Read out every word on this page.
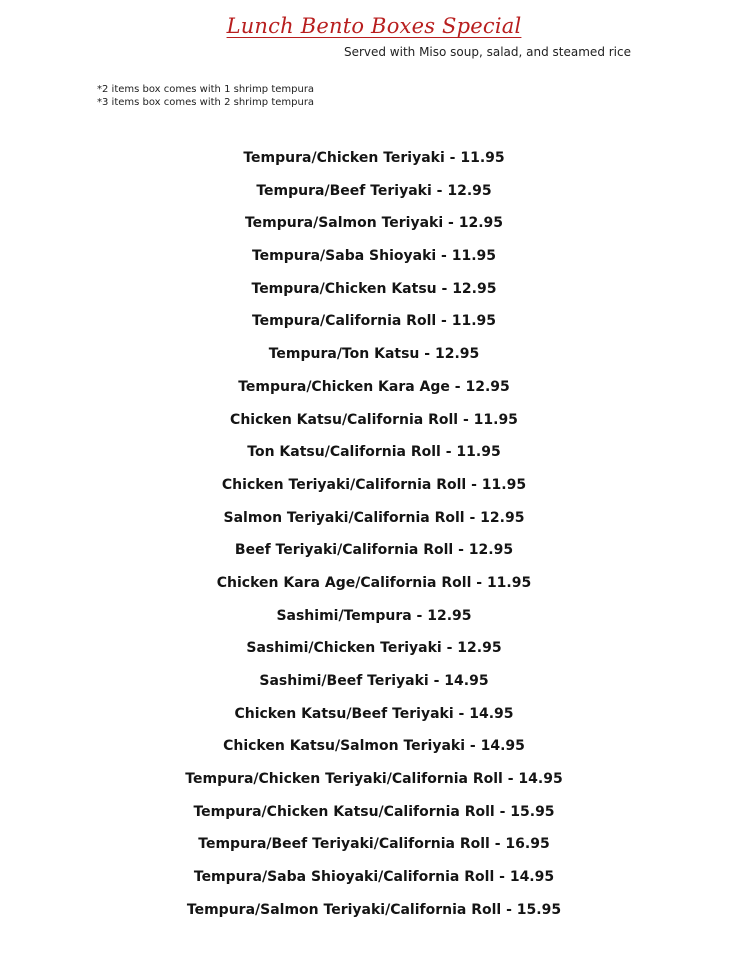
Lunch Bento Boxes Special
Served with Miso soup, salad, and steamed rice
*2 items box comes with 1 shrimp tempura
*3 items box comes with 2 shrimp tempura
Tempura/Chicken Teriyaki - 11.95
Tempura/Beef Teriyaki - 12.95
Tempura/Salmon Teriyaki - 12.95
Tempura/Saba Shioyaki - 11.95
Tempura/Chicken Katsu - 12.95
Tempura/California Roll - 11.95
Tempura/Ton Katsu - 12.95
Tempura/Chicken Kara Age - 12.95
Chicken Katsu/California Roll - 11.95
Ton Katsu/California Roll - 11.95
Chicken Teriyaki/California Roll - 11.95
Salmon Teriyaki/California Roll - 12.95
Beef Teriyaki/California Roll - 12.95
Chicken Kara Age/California Roll - 11.95
Sashimi/Tempura - 12.95
Sashimi/Chicken Teriyaki - 12.95
Sashimi/Beef Teriyaki - 14.95
Chicken Katsu/Beef Teriyaki - 14.95
Chicken Katsu/Salmon Teriyaki - 14.95
Tempura/Chicken Teriyaki/California Roll - 14.95
Tempura/Chicken Katsu/California Roll - 15.95
Tempura/Beef Teriyaki/California Roll - 16.95
Tempura/Saba Shioyaki/California Roll - 14.95
Tempura/Salmon Teriyaki/California Roll - 15.95
